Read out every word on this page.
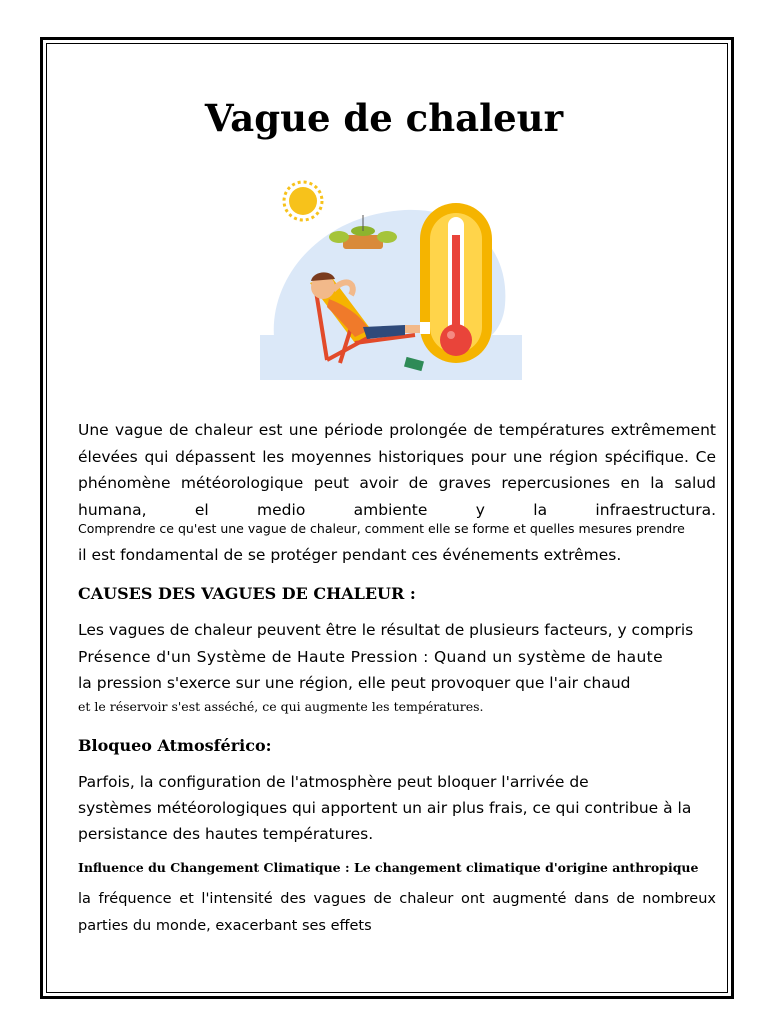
Vague de chaleur

Une vague de chaleur est une période prolongée de températures extrêmement élevées qui dépassent les moyennes historiques pour une région spécifique. Ce phénomène météorologique peut avoir de graves repercusiones en la salud humana, el medio ambiente y la infraestructura.

Comprendre ce qu'est une vague de chaleur, comment elle se forme et quelles mesures prendre

il est fondamental de se protéger pendant ces événements extrêmes.

CAUSES DES VAGUES DE CHALEUR :

Les vagues de chaleur peuvent être le résultat de plusieurs facteurs, y compris

Présence d'un Système de Haute Pression : Quand un système de haute

la pression s'exerce sur une région, elle peut provoquer que l'air chaud

et le réservoir s'est asséché, ce qui augmente les températures.

Bloqueo Atmosférico:

Parfois, la configuration de l'atmosphère peut bloquer l'arrivée de

systèmes météorologiques qui apportent un air plus frais, ce qui contribue à la

persistance des hautes températures.

Influence du Changement Climatique : Le changement climatique d'origine anthropique

la fréquence et l'intensité des vagues de chaleur ont augmenté dans de nombreux parties du monde, exacerbant ses effets
